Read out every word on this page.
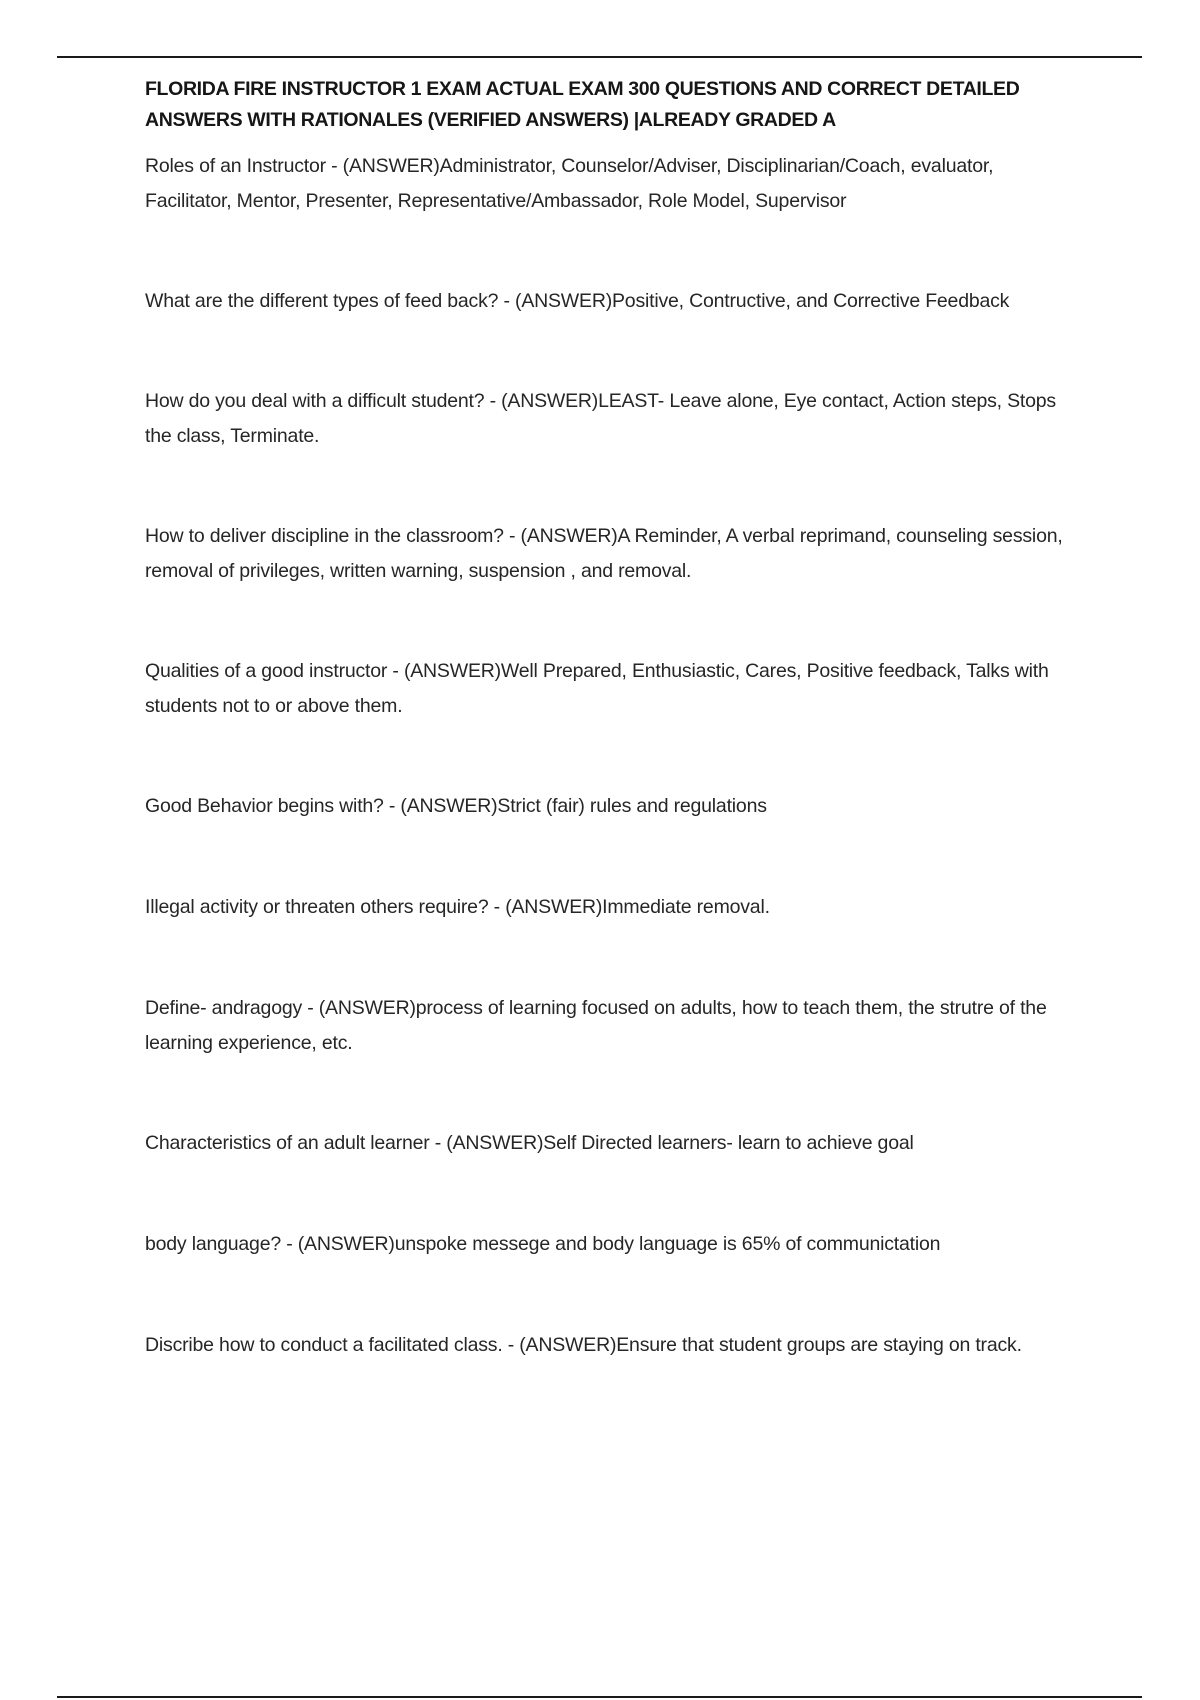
FLORIDA FIRE INSTRUCTOR 1 EXAM ACTUAL EXAM 300 QUESTIONS AND CORRECT DETAILED ANSWERS WITH RATIONALES (VERIFIED ANSWERS) |ALREADY GRADED A
Roles of an Instructor - (ANSWER)Administrator, Counselor/Adviser, Disciplinarian/Coach, evaluator, Facilitator, Mentor, Presenter, Representative/Ambassador, Role Model, Supervisor
What are the different types of feed back? - (ANSWER)Positive, Contructive, and Corrective Feedback
How do you deal with a difficult student? - (ANSWER)LEAST- Leave alone, Eye contact, Action steps, Stops the class, Terminate.
How to deliver discipline in the classroom? - (ANSWER)A Reminder, A verbal reprimand, counseling session, removal of privileges, written warning, suspension , and removal.
Qualities of a good instructor - (ANSWER)Well Prepared, Enthusiastic, Cares, Positive feedback, Talks with students not to or above them.
Good Behavior begins with? - (ANSWER)Strict (fair) rules and regulations
Illegal activity or threaten others require? - (ANSWER)Immediate removal.
Define- andragogy - (ANSWER)process of learning focused on adults, how to teach them, the strutre of the learning experience, etc.
Characteristics of an adult learner - (ANSWER)Self Directed learners- learn to achieve goal
body language? - (ANSWER)unspoke messege and body language is 65% of communictation
Discribe how to conduct a facilitated class. - (ANSWER)Ensure that student groups are staying on track.
